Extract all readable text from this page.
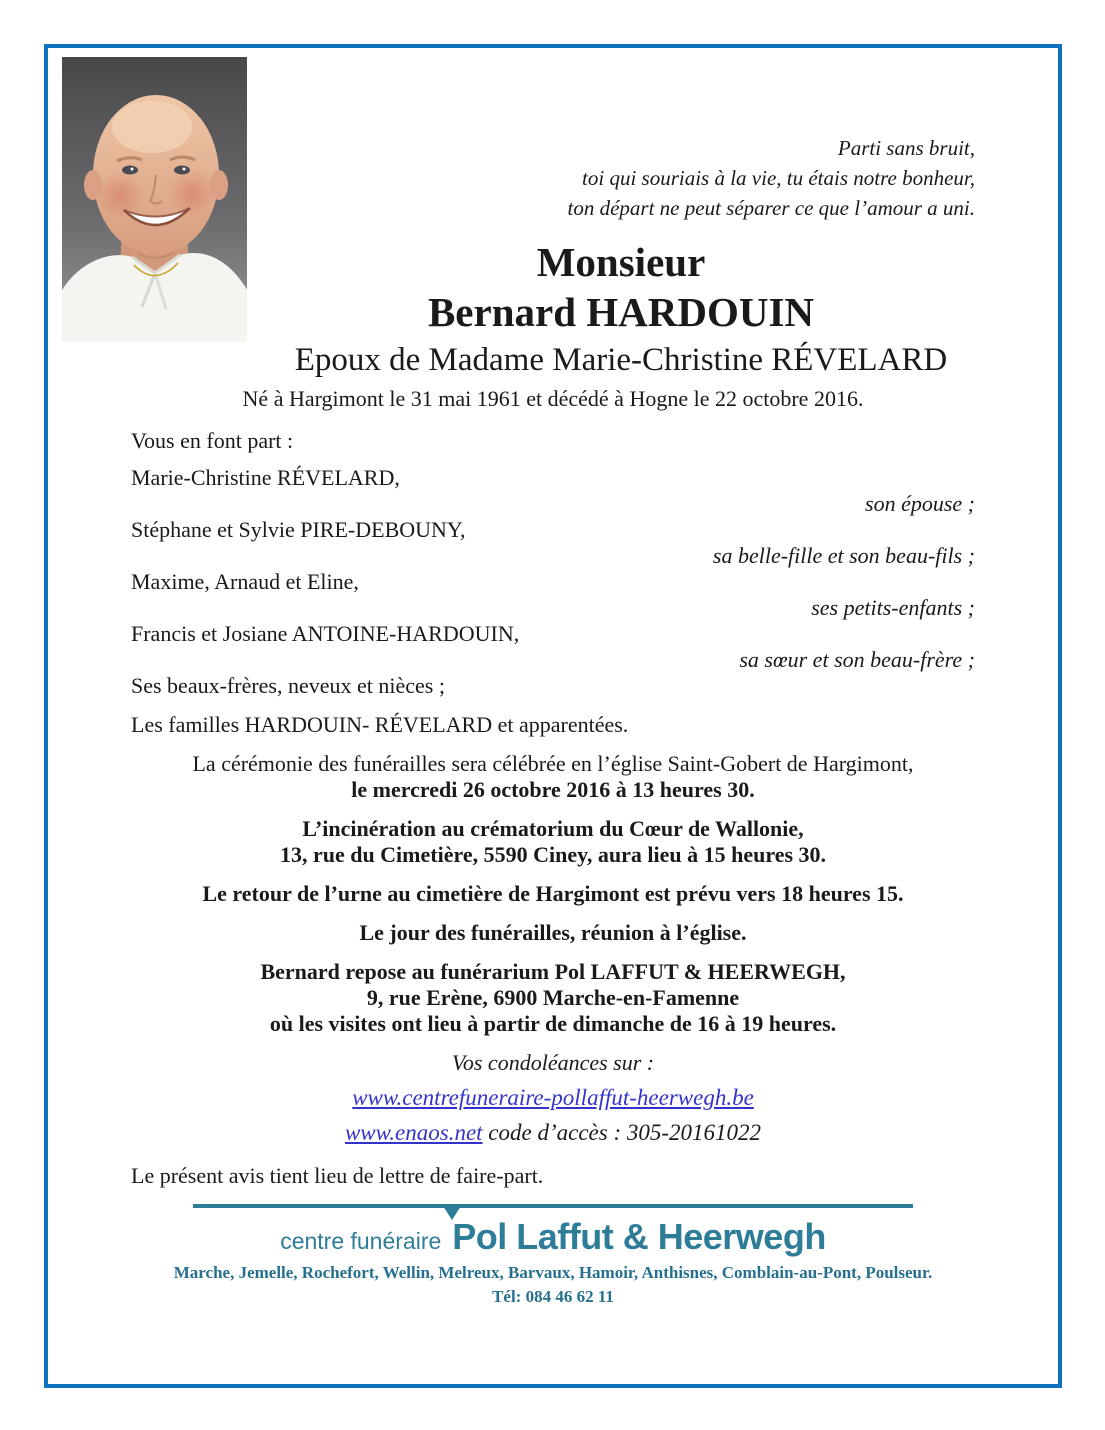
Parti sans bruit,
toi qui souriais à la vie, tu étais notre bonheur,
ton départ ne peut séparer ce que l’amour a uni.
Monsieur
Bernard HARDOUIN
Epoux de Madame Marie-Christine RÉVELARD

Né à Hargimont le 31 mai 1961 et décédé à Hogne le 22 octobre 2016.

Vous en font part :

Marie-Christine RÉVELARD,

son épouse ;

Stéphane et Sylvie PIRE-DEBOUNY,

sa belle-fille et son beau-fils ;

Maxime, Arnaud et Eline,

ses petits-enfants ;

Francis et Josiane ANTOINE-HARDOUIN,

sa sœur et son beau-frère ;

Ses beaux-frères, neveux et nièces ;

Les familles HARDOUIN- RÉVELARD et apparentées.

La cérémonie des funérailles sera célébrée en l’église Saint-Gobert de Hargimont,
le mercredi 26 octobre 2016 à 13 heures 30.

L’incinération au crématorium du Cœur de Wallonie,
13, rue du Cimetière, 5590 Ciney, aura lieu à 15 heures 30.

Le retour de l’urne au cimetière de Hargimont est prévu vers 18 heures 15.

Le jour des funérailles, réunion à l’église.

Bernard repose au funérarium Pol LAFFUT & HEERWEGH,
9, rue Erène, 6900 Marche-en-Famenne
où les visites ont lieu à partir de dimanche de 16 à 19 heures.

Vos condoléances sur :

www.centrefuneraire-pollaffut-heerwegh.be

www.enaos.net code d’accès : 305-20161022

Le présent avis tient lieu de lettre de faire-part.

centre funéraire Pol Laffut & Heerwegh
Marche, Jemelle, Rochefort, Wellin, Melreux, Barvaux, Hamoir, Anthisnes, Comblain-au-Pont, Poulseur.
Tél: 084 46 62 11
